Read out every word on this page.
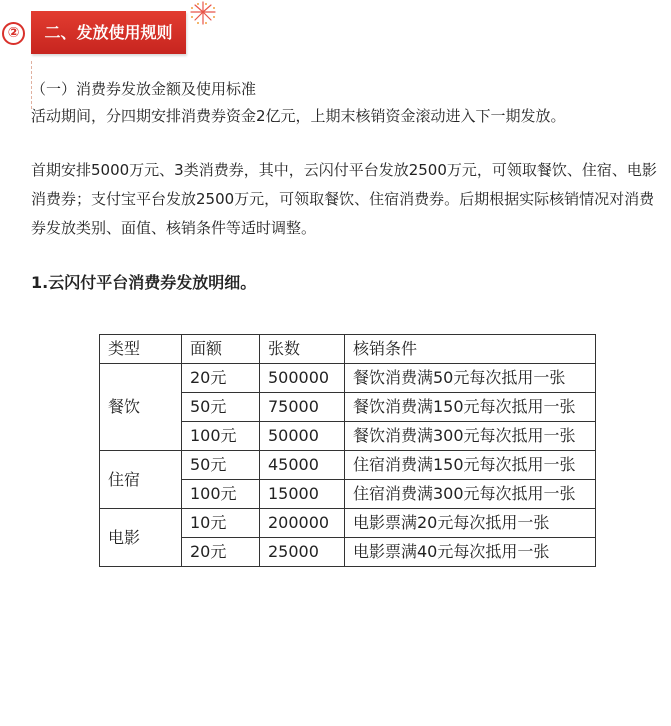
②	二、发放使用规则

（一）消费券发放金额及使用标准

活动期间，分四期安排消费券资金2亿元，上期末核销资金滚动进入下一期发放。

首期安排5000万元、3类消费券，其中，云闪付平台发放2500万元，可领取餐饮、住宿、电影消费券；支付宝平台发放2500万元，可领取餐饮、住宿消费券。后期根据实际核销情况对消费券发放类别、面值、核销条件等适时调整。

1.云闪付平台消费券发放明细。
类型	面额	张数	核销条件
餐饮	20元	500000	餐饮消费满50元每次抵用一张
	50元	75000	餐饮消费满150元每次抵用一张
	100元	50000	餐饮消费满300元每次抵用一张
住宿	50元	45000	住宿消费满150元每次抵用一张
	100元	15000	住宿消费满300元每次抵用一张
电影	10元	200000	电影票满20元每次抵用一张
	20元	25000	电影票满40元每次抵用一张
